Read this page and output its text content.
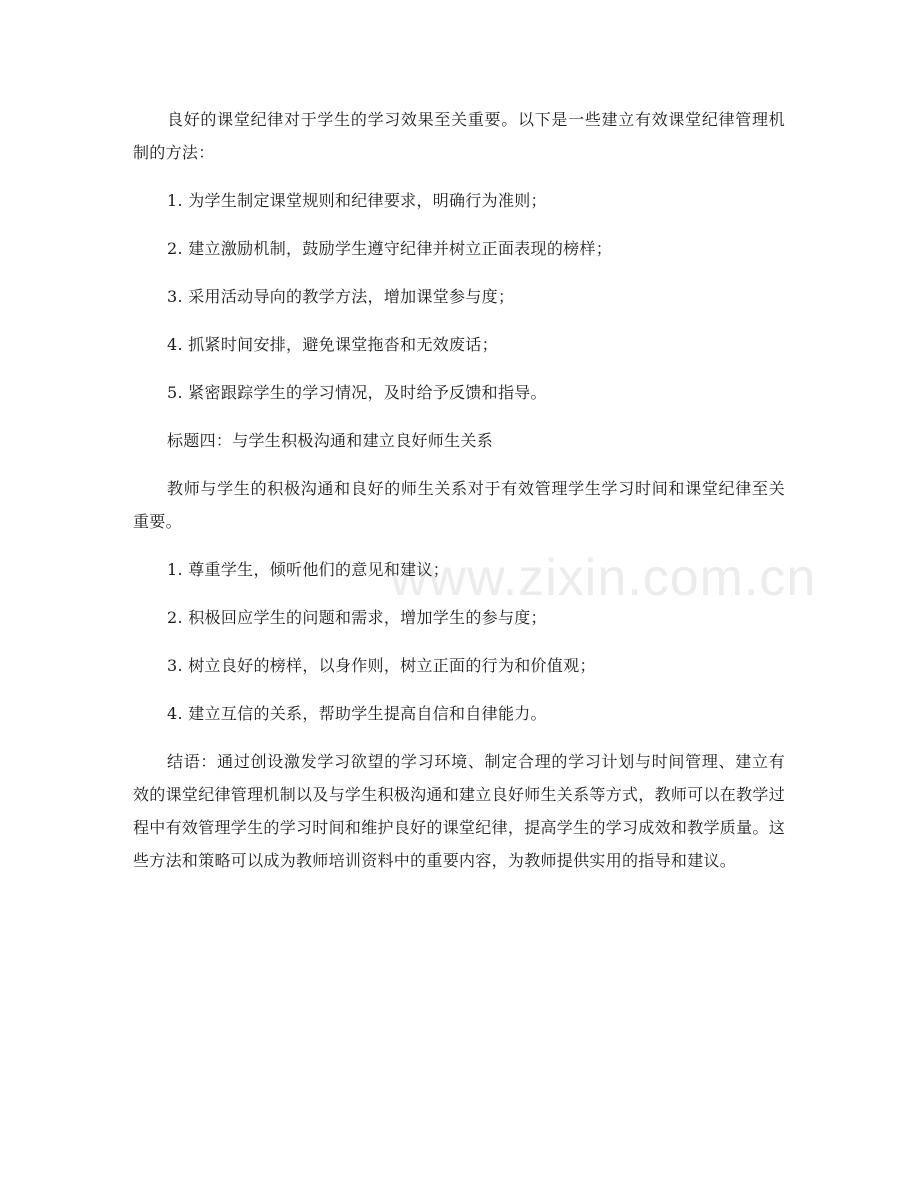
www.zixin.com.cn

良好的课堂纪律对于学生的学习效果至关重要。以下是一些建立有效课堂纪律管理机制的方法：

1. 为学生制定课堂规则和纪律要求，明确行为准则；

2. 建立激励机制，鼓励学生遵守纪律并树立正面表现的榜样；

3. 采用活动导向的教学方法，增加课堂参与度；

4. 抓紧时间安排，避免课堂拖沓和无效废话；

5. 紧密跟踪学生的学习情况，及时给予反馈和指导。

标题四：与学生积极沟通和建立良好师生关系

教师与学生的积极沟通和良好的师生关系对于有效管理学生学习时间和课堂纪律至关重要。

1. 尊重学生，倾听他们的意见和建议；

2. 积极回应学生的问题和需求，增加学生的参与度；

3. 树立良好的榜样，以身作则，树立正面的行为和价值观；

4. 建立互信的关系，帮助学生提高自信和自律能力。

结语：通过创设激发学习欲望的学习环境、制定合理的学习计划与时间管理、建立有效的课堂纪律管理机制以及与学生积极沟通和建立良好师生关系等方式，教师可以在教学过程中有效管理学生的学习时间和维护良好的课堂纪律，提高学生的学习成效和教学质量。这些方法和策略可以成为教师培训资料中的重要内容，为教师提供实用的指导和建议。
